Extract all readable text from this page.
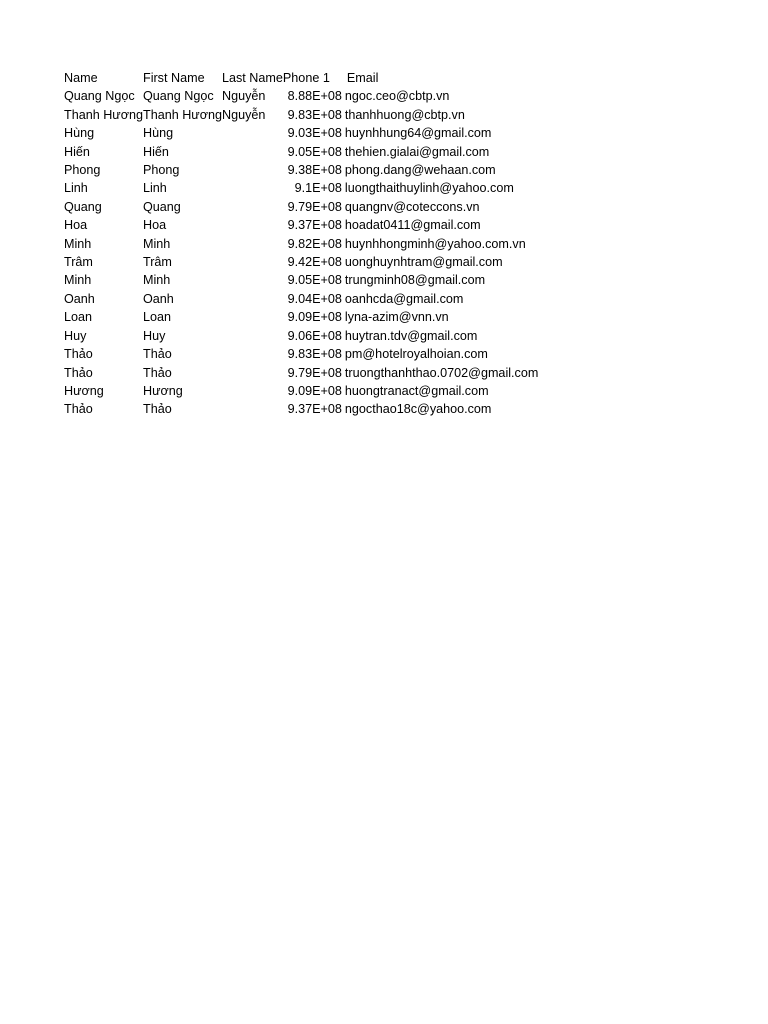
Name	First Name	Last Name	Phone 1	Email
Quang Ngọc	Quang Ngọc	Nguyễn	8.88E+08	ngoc.ceo@cbtp.vn
Thanh Hương	Thanh Hương	Nguyễn	9.83E+08	thanhhuong@cbtp.vn
Hùng	Hùng		9.03E+08	huynhhung64@gmail.com
Hiến	Hiến		9.05E+08	thehien.gialai@gmail.com
Phong	Phong		9.38E+08	phong.dang@wehaan.com
Linh	Linh		9.1E+08	luongthaithuylinh@yahoo.com
Quang	Quang		9.79E+08	quangnv@coteccons.vn
Hoa	Hoa		9.37E+08	hoadat0411@gmail.com
Minh	Minh		9.82E+08	huynhhongminh@yahoo.com.vn
Trâm	Trâm		9.42E+08	uonghuynhtram@gmail.com
Minh	Minh		9.05E+08	trungminh08@gmail.com
Oanh	Oanh		9.04E+08	oanhcda@gmail.com
Loan	Loan		9.09E+08	lyna-azim@vnn.vn
Huy	Huy		9.06E+08	huytran.tdv@gmail.com
Thảo	Thảo		9.83E+08	pm@hotelroyalhoian.com
Thảo	Thảo		9.79E+08	truongthanhthao.0702@gmail.com
Hương	Hương		9.09E+08	huongtranact@gmail.com
Thảo	Thảo		9.37E+08	ngocthao18c@yahoo.com
